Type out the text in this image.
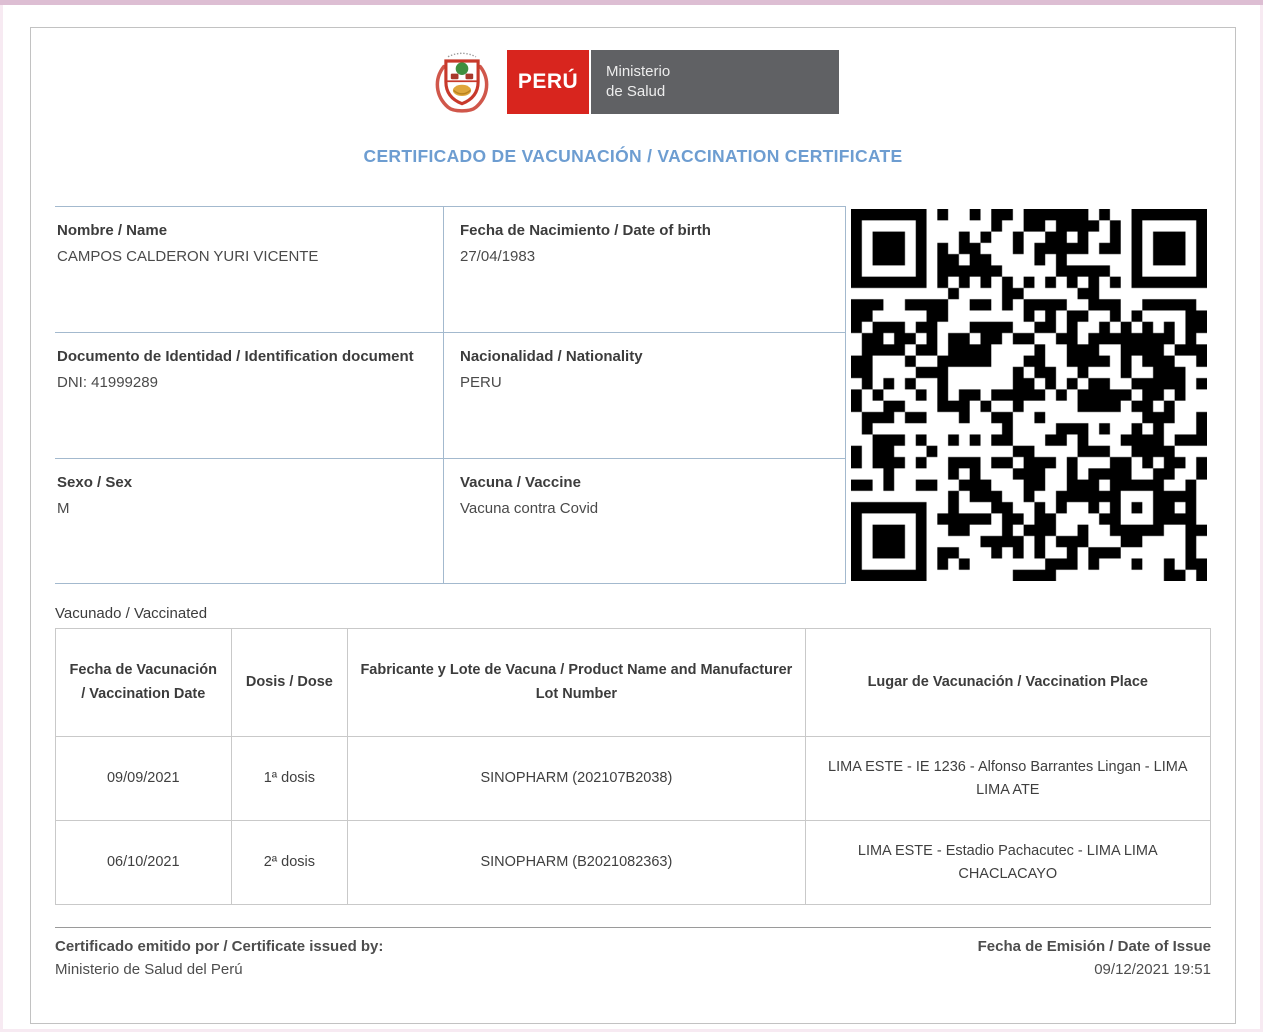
PERÚ Ministerio
de Salud
CERTIFICADO DE VACUNACIÓN / VACCINATION CERTIFICATE
Nombre / Name
CAMPOS CALDERON YURI VICENTE
Fecha de Nacimiento / Date of birth
27/04/1983
Documento de Identidad / Identification document
DNI: 41999289
Nacionalidad / Nationality
PERU
Sexo / Sex
M
Vacuna / Vaccine
Vacuna contra Covid
Vacunado / Vaccinated
Fecha de Vacunación / Vaccination Date	Dosis / Dose	Fabricante y Lote de Vacuna / Product Name and Manufacturer Lot Number	Lugar de Vacunación / Vaccination Place
09/09/2021	1ª dosis	SINOPHARM (202107B2038)	LIMA ESTE - IE 1236 - Alfonso Barrantes Lingan - LIMA LIMA ATE
06/10/2021	2ª dosis	SINOPHARM (B2021082363)	LIMA ESTE - Estadio Pachacutec - LIMA LIMA CHACLACAYO
Certificado emitido por / Certificate issued by:
Ministerio de Salud del Perú
Fecha de Emisión / Date of Issue
09/12/2021 19:51
